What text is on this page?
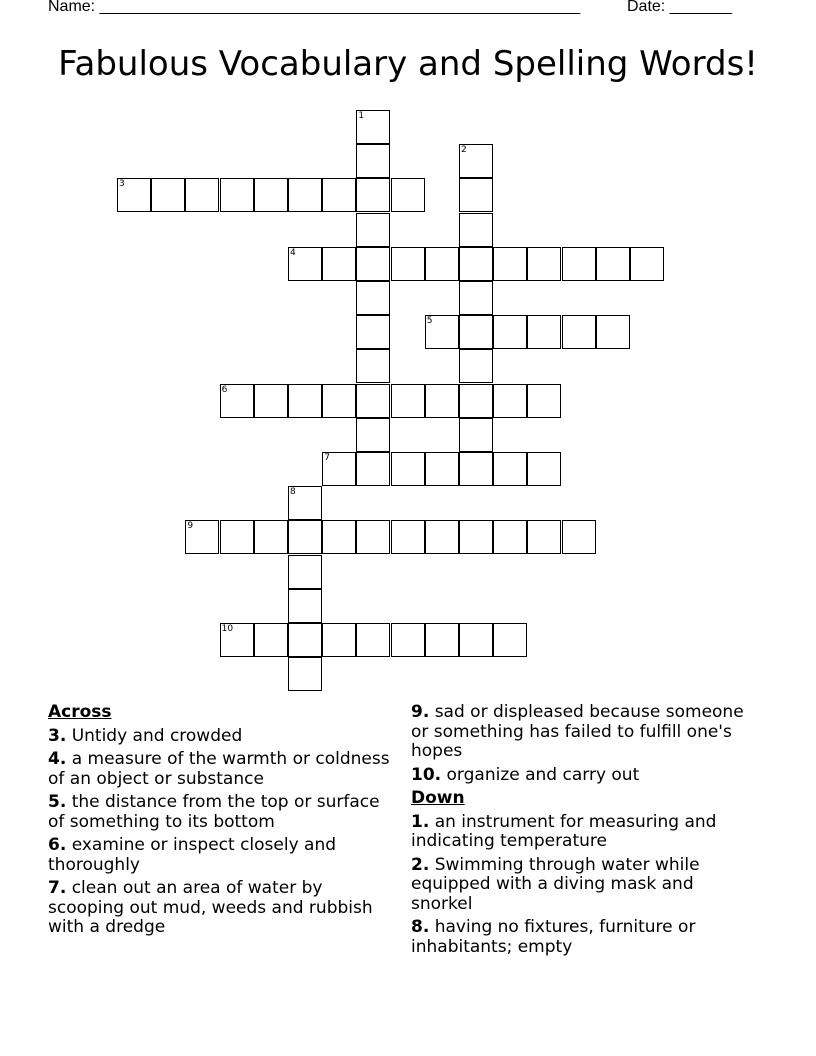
Name: ______________________________________________________	Date: _______
Fabulous Vocabulary and Spelling Words!
1
2
3
4
5
6
7
8
9
10
Across
3. Untidy and crowded
4. a measure of the warmth or coldness of an object or substance
5. the distance from the top or surface of something to its bottom
6. examine or inspect closely and thoroughly
7. clean out an area of water by scooping out mud, weeds and rubbish with a dredge
9. sad or displeased because someone or something has failed to fulfill one's hopes
10. organize and carry out
Down
1. an instrument for measuring and indicating temperature
2. Swimming through water while equipped with a diving mask and snorkel
8. having no fixtures, furniture or inhabitants; empty
